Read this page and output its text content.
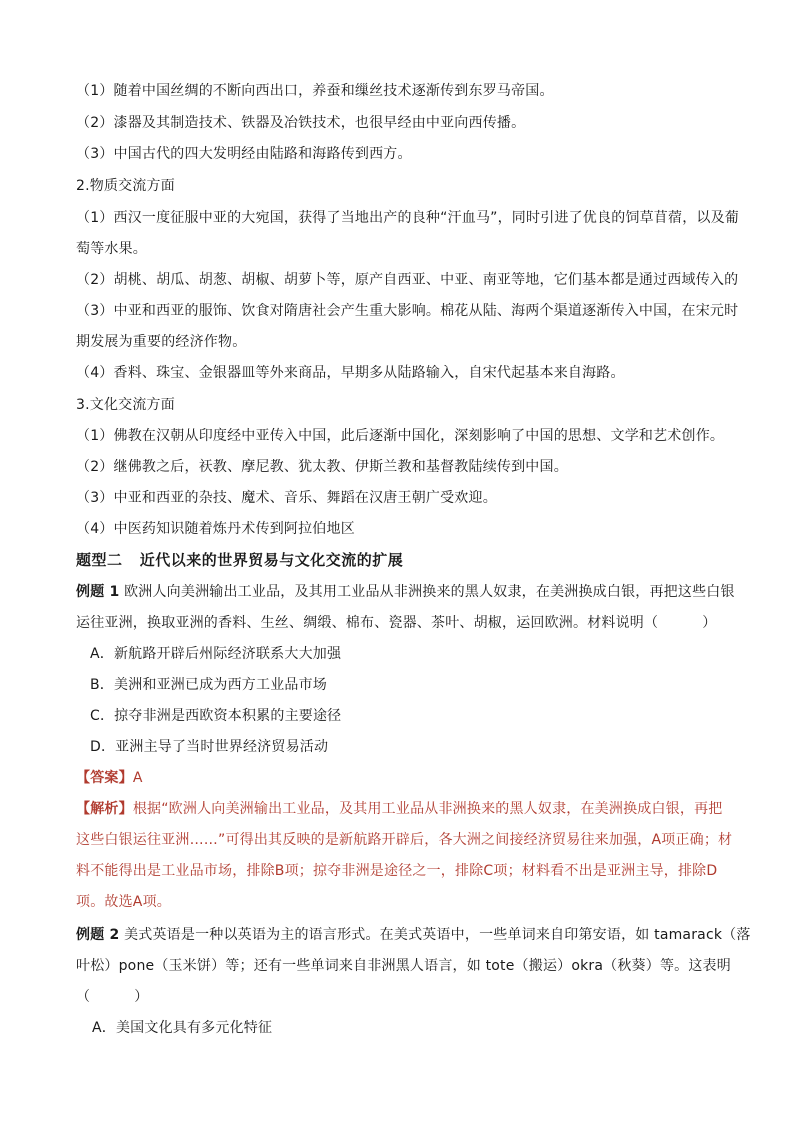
（1）随着中国丝绸的不断向西出口，养蚕和缫丝技术逐渐传到东罗马帝国。
（2）漆器及其制造技术、铁器及冶铁技术，也很早经由中亚向西传播。
（3）中国古代的四大发明经由陆路和海路传到西方。
2.物质交流方面
（1）西汉一度征服中亚的大宛国，获得了当地出产的良种“汗血马”，同时引进了优良的饲草苜蓿，以及葡
萄等水果。
（2）胡桃、胡瓜、胡葱、胡椒、胡萝卜等，原产自西亚、中亚、南亚等地，它们基本都是通过西域传入的
（3）中亚和西亚的服饰、饮食对隋唐社会产生重大影响。棉花从陆、海两个渠道逐渐传入中国，在宋元时
期发展为重要的经济作物。
（4）香料、珠宝、金银器皿等外来商品，早期多从陆路输入，自宋代起基本来自海路。
3.文化交流方面
（1）佛教在汉朝从印度经中亚传入中国，此后逐渐中国化，深刻影响了中国的思想、文学和艺术创作。
（2）继佛教之后，祆教、摩尼教、犹太教、伊斯兰教和基督教陆续传到中国。
（3）中亚和西亚的杂技、魔术、音乐、舞蹈在汉唐王朝广受欢迎。
（4）中医药知识随着炼丹术传到阿拉伯地区
题型二 近代以来的世界贸易与文化交流的扩展
例题 1 欧洲人向美洲输出工业品，及其用工业品从非洲换来的黑人奴隶，在美洲换成白银，再把这些白银
运往亚洲，换取亚洲的香料、生丝、绸缎、棉布、瓷器、茶叶、胡椒，运回欧洲。材料说明（	）
A．新航路开辟后州际经济联系大大加强
B．美洲和亚洲已成为西方工业品市场
C．掠夺非洲是西欧资本积累的主要途径
D．亚洲主导了当时世界经济贸易活动
【答案】A
【解析】根据“欧洲人向美洲输出工业品，及其用工业品从非洲换来的黑人奴隶，在美洲换成白银，再把
这些白银运往亚洲……”可得出其反映的是新航路开辟后，各大洲之间接经济贸易往来加强，A项正确；材
料不能得出是工业品市场，排除B项；掠夺非洲是途径之一，排除C项；材料看不出是亚洲主导，排除D
项。故选A项。
例题 2 美式英语是一种以英语为主的语言形式。在美式英语中，一些单词来自印第安语，如 tamarack（落
叶松）pone（玉米饼）等；还有一些单词来自非洲黑人语言，如 tote（搬运）okra（秋葵）等。这表明
（	）
A．美国文化具有多元化特征
